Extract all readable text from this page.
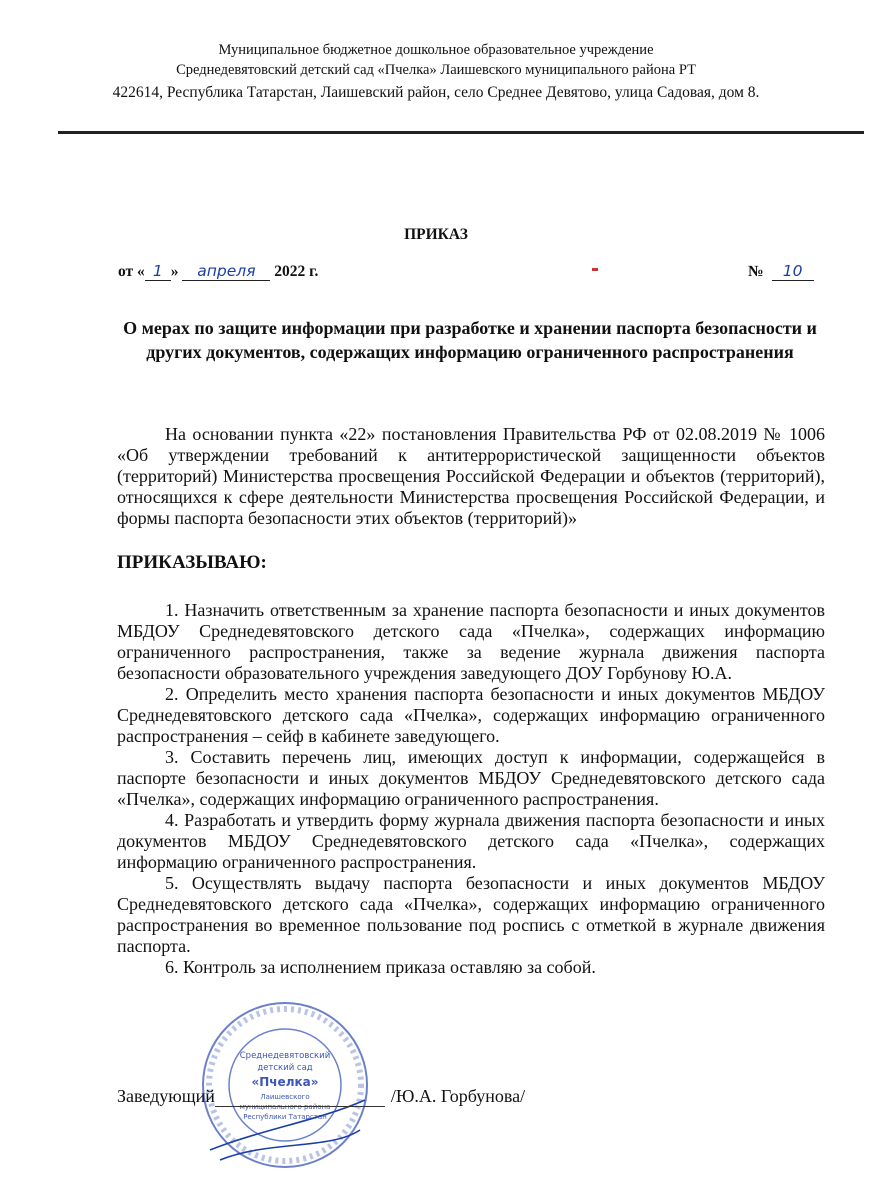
Муниципальное бюджетное дошкольное образовательное учреждение
Среднедевятовский детский сад «Пчелка» Лаишевского муниципального района РТ
422614, Республика Татарстан, Лаишевский район, село Среднее Девятово, улица Садовая, дом 8.
ПРИКАЗ
от « 1 » апреля 2022 г.	№ 10
О мерах по защите информации при разработке и хранении паспорта безопасности и других документов, содержащих информацию ограниченного распространения

На основании пункта «22» постановления Правительства РФ от 02.08.2019 № 1006 «Об утверждении требований к антитеррористической защищенности объектов (территорий) Министерства просвещения Российской Федерации и объектов (территорий), относящихся к сфере деятельности Министерства просвещения Российской Федерации, и формы паспорта безопасности этих объектов (территорий)»

ПРИКАЗЫВАЮ:

1. Назначить ответственным за хранение паспорта безопасности и иных документов МБДОУ Среднедевятовского детского сада «Пчелка», содержащих информацию ограниченного распространения, также за ведение журнала движения паспорта безопасности образовательного учреждения заведующего ДОУ Горбунову Ю.А.

2. Определить место хранения паспорта безопасности и иных документов МБДОУ Среднедевятовского детского сада «Пчелка», содержащих информацию ограниченного распространения – сейф в кабинете заведующего.

3. Составить перечень лиц, имеющих доступ к информации, содержащейся в паспорте безопасности и иных документов МБДОУ Среднедевятовского детского сада «Пчелка», содержащих информацию ограниченного распространения.

4. Разработать и утвердить форму журнала движения паспорта безопасности и иных документов МБДОУ Среднедевятовского детского сада «Пчелка», содержащих информацию ограниченного распространения.

5. Осуществлять выдачу паспорта безопасности и иных документов МБДОУ Среднедевятовского детского сада «Пчелка», содержащих информацию ограниченного распространения во временное пользование под роспись с отметкой в журнале движения паспорта.

6. Контроль за исполнением приказа оставляю за собой.

Среднедевятовский
детский сад
«Пчелка»
Лаишевского
муниципального района
Республики Татарстан
Заведующий	/Ю.А. Горбунова/
